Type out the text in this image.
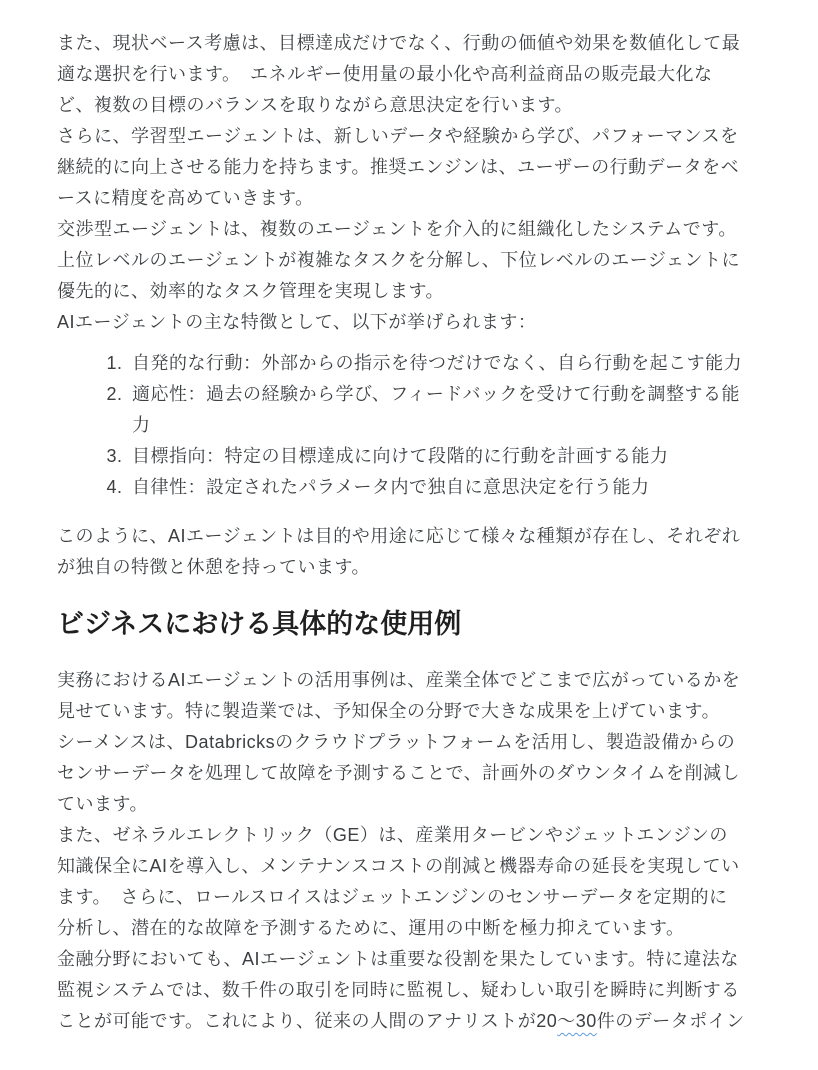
また、現状ベース考慮は、目標達成だけでなく、行動の価値や効果を数値化して最適な選択を行います。　エネルギー使用量の最小化や高利益商品の販売最大化など、複数の目標のバランスを取りながら意思決定を行います。

さらに、学習型エージェントは、新しいデータや経験から学び、パフォーマンスを継続的に向上させる能力を持ちます。推奨エンジンは、ユーザーの行動データをベースに精度を高めていきます。

交渉型エージェントは、複数のエージェントを介入的に組織化したシステムです。上位レベルのエージェントが複雑なタスクを分解し、下位レベルのエージェントに優先的に、効率的なタスク管理を実現します。

AIエージェントの主な特徴として、以下が挙げられます：

1. 自発的な行動：外部からの指示を待つだけでなく、自ら行動を起こす能力
2. 適応性：過去の経験から学び、フィードバックを受けて行動を調整する能力
3. 目標指向：特定の目標達成に向けて段階的に行動を計画する能力
4. 自律性：設定されたパラメータ内で独自に意思決定を行う能力

このように、AIエージェントは目的や用途に応じて様々な種類が存在し、それぞれが独自の特徴と休憩を持っています。

ビジネスにおける具体的な使用例

実務におけるAIエージェントの活用事例は、産業全体でどこまで広がっているかを見せています。特に製造業では、予知保全の分野で大きな成果を上げています。

シーメンスは、Databricksのクラウドプラットフォームを活用し、製造設備からのセンサーデータを処理して故障を予測することで、計画外のダウンタイムを削減しています。

また、ゼネラルエレクトリック（GE）は、産業用タービンやジェットエンジンの知識保全にAIを導入し、メンテナンスコストの削減と機器寿命の延長を実現しています。　さらに、ロールスロイスはジェットエンジンのセンサーデータを定期的に分析し、潜在的な故障を予測するために、運用の中断を極力抑えています。

金融分野においても、AIエージェントは重要な役割を果たしています。特に違法な監視システムでは、数千件の取引を同時に監視し、疑わしい取引を瞬時に判断することが可能です。これにより、従来の人間のアナリストが20～30件のデータポイン
